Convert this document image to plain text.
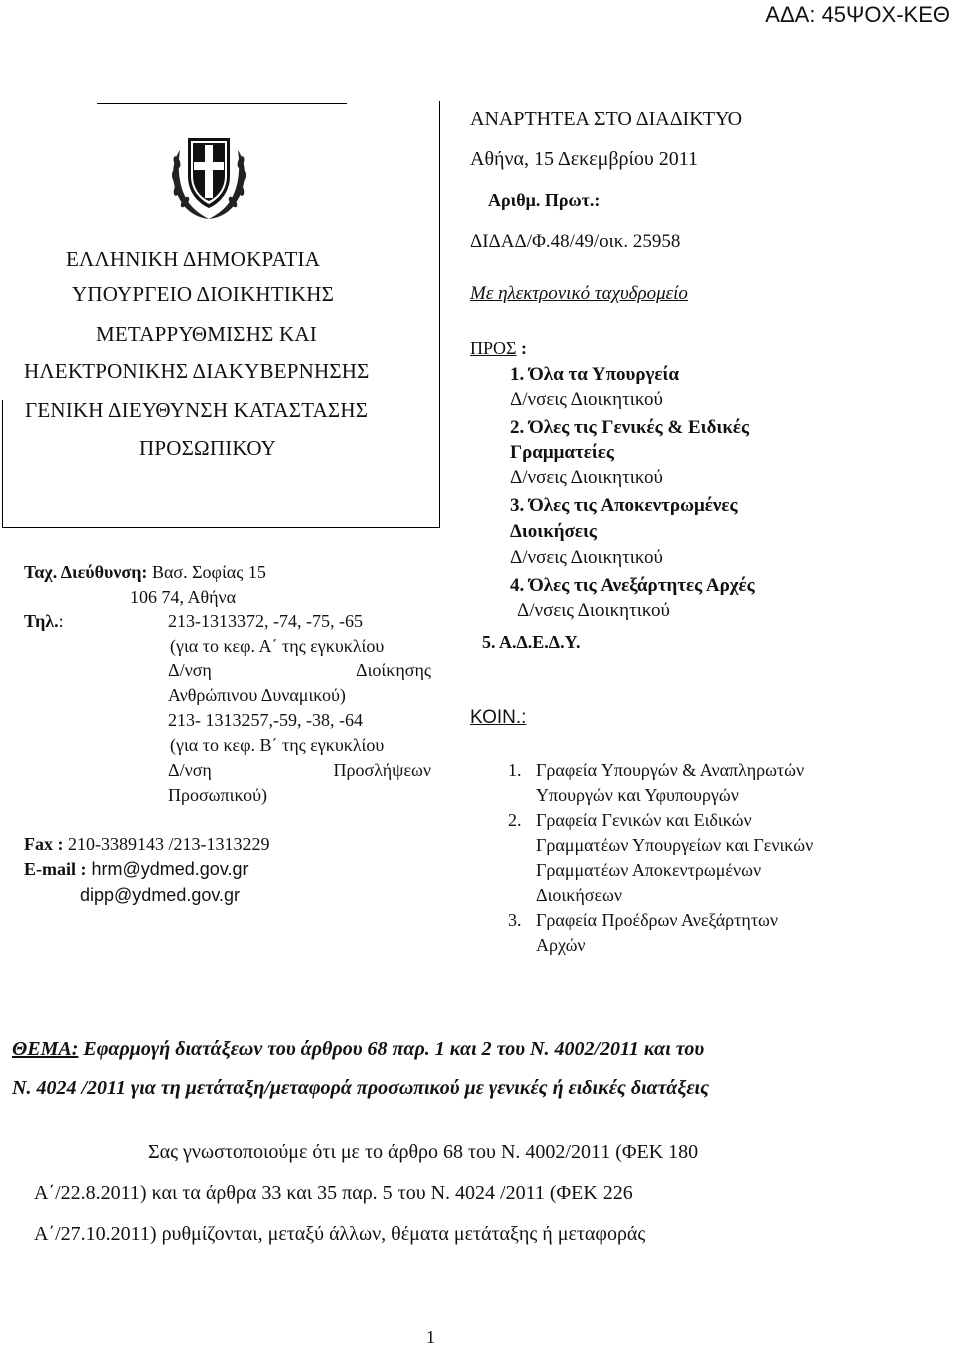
ΑΔΑ: 45ΨΟΧ-ΚΕΘ
ΕΛΛΗΝΙΚΗ ΔΗΜΟΚΡΑΤΙΑ
ΥΠΟΥΡΓΕΙΟ ΔΙΟΙΚΗΤΙΚΗΣ
ΜΕΤΑΡΡΥΘΜΙΣΗΣ ΚΑΙ
ΗΛΕΚΤΡΟΝΙΚΗΣ ΔΙΑΚΥΒΕΡΝΗΣΗΣ
ΓΕΝΙΚΗ ΔΙΕΥΘΥΝΣΗ ΚΑΤΑΣΤΑΣΗΣ
ΠΡΟΣΩΠΙΚΟΥ
Ταχ. Διεύθυνση: Βασ. Σοφίας 15
106 74, Αθήνα
Τηλ.:	213-1313372, -74, -75, -65
(για το κεφ. Α΄ της εγκυκλίου
Δ/νση	Διοίκησης
Ανθρώπινου Δυναμικού)
213- 1313257,-59, -38, -64
(για το κεφ. Β΄ της εγκυκλίου
Δ/νση	Προσλήψεων
Προσωπικού)
Fax : 210-3389143 /213-1313229
E-mail : hrm@ydmed.gov.gr
dipp@ydmed.gov.gr
ΑΝΑΡΤΗΤΕΑ ΣΤΟ ΔΙΑΔΙΚΤΥΟ
Αθήνα, 15 Δεκεμβρίου 2011
Αριθμ. Πρωτ.:
ΔΙΔΑΔ/Φ.48/49/οικ. 25958
Με ηλεκτρονικό ταχυδρομείο
ΠΡΟΣ :
1. Όλα τα Υπουργεία
Δ/νσεις Διοικητικού
2. Όλες τις Γενικές & Ειδικές
Γραμματείες
Δ/νσεις Διοικητικού
3. Όλες τις Αποκεντρωμένες
Διοικήσεις
Δ/νσεις Διοικητικού
4. Όλες τις Ανεξάρτητες Αρχές
Δ/νσεις Διοικητικού
5. Α.Δ.Ε.Δ.Υ.
ΚΟΙΝ.:
1. Γραφεία Υπουργών & Αναπληρωτών
Υπουργών και Υφυπουργών
2. Γραφεία Γενικών και Ειδικών
Γραμματέων Υπουργείων και Γενικών
Γραμματέων Αποκεντρωμένων
Διοικήσεων
3. Γραφεία Προέδρων Ανεξάρτητων
Αρχών
ΘΕΜΑ: Εφαρμογή διατάξεων του άρθρου 68 παρ. 1 και 2 του Ν. 4002/2011 και του
Ν. 4024 /2011 για τη μετάταξη/μεταφορά προσωπικού με γενικές ή ειδικές διατάξεις
Σας γνωστοποιούμε ότι με το άρθρο 68 του Ν. 4002/2011 (ΦΕΚ 180
Α΄/22.8.2011) και τα άρθρα 33 και 35 παρ. 5 του Ν. 4024 /2011 (ΦΕΚ 226
Α΄/27.10.2011) ρυθμίζονται, μεταξύ άλλων, θέματα μετάταξης ή μεταφοράς
1
